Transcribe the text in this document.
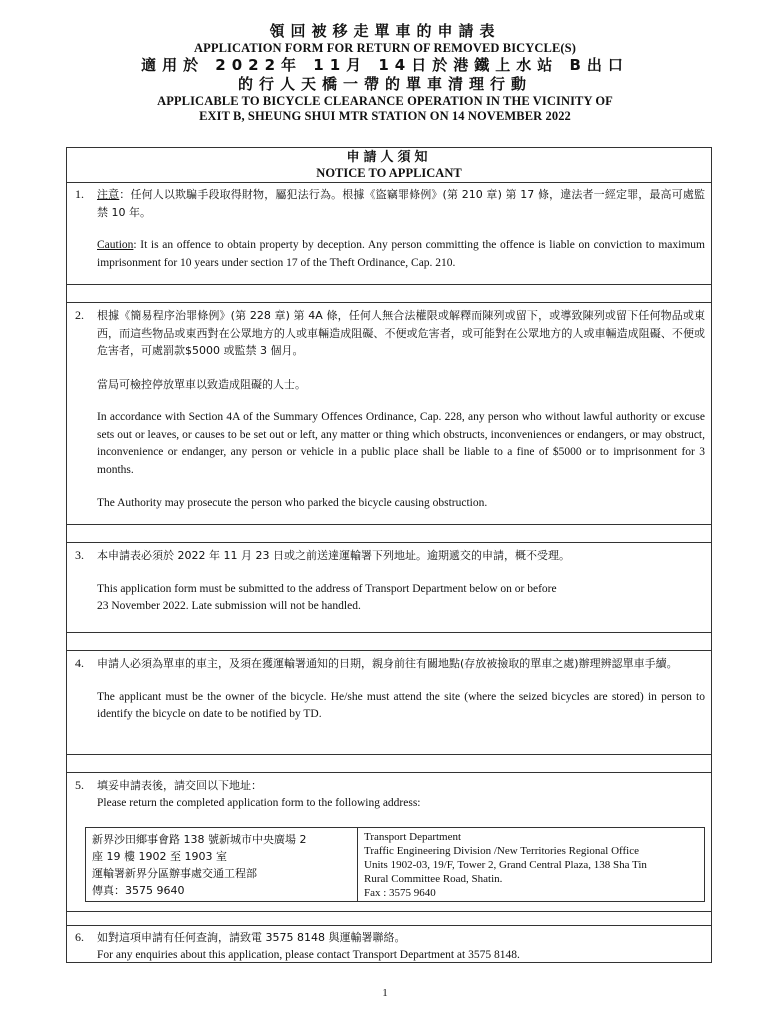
領回被移走單車的申請表
APPLICATION FORM FOR RETURN OF REMOVED BICYCLE(S)
適用於 2022年 11月 14日於港鐵上水站 B出口
的行人天橋一帶的單車清理行動
APPLICABLE TO BICYCLE CLEARANCE OPERATION IN THE VICINITY OF
EXIT B, SHEUNG SHUI MTR STATION ON 14 NOVEMBER 2022
申請人須知
NOTICE TO APPLICANT
1. 注意：任何人以欺騙手段取得財物，屬犯法行為。根據《盜竊罪條例》(第 210 章) 第 17 條，違法者一經定罪，最高可處監禁 10 年。

Caution: It is an offence to obtain property by deception. Any person committing the offence is liable on conviction to maximum imprisonment for 10 years under section 17 of the Theft Ordinance, Cap. 210.

2. 根據《簡易程序治罪條例》(第 228 章) 第 4A 條，任何人無合法權限或解釋而陳列或留下，或導致陳列或留下任何物品或東西，而這些物品或東西對在公眾地方的人或車輛造成阻礙、不便或危害者，或可能對在公眾地方的人或車輛造成阻礙、不便或危害者，可處罰款$5000 或監禁 3 個月。

當局可檢控停放單車以致造成阻礙的人士。

In accordance with Section 4A of the Summary Offences Ordinance, Cap. 228, any person who without lawful authority or excuse sets out or leaves, or causes to be set out or left, any matter or thing which obstructs, inconveniences or endangers, or may obstruct, inconvenience or endanger, any person or vehicle in a public place shall be liable to a fine of $5000 or to imprisonment for 3 months.

The Authority may prosecute the person who parked the bicycle causing obstruction.

3. 本申請表必須於 2022 年 11 月 23 日或之前送達運輸署下列地址。逾期遞交的申請，概不受理。

This application form must be submitted to the address of Transport Department below on or before

23 November 2022. Late submission will not be handled.

4. 申請人必須為單車的車主，及須在獲運輸署通知的日期，親身前往有關地點(存放被撿取的單車之處)辦理辨認單車手續。

The applicant must be the owner of the bicycle. He/she must attend the site (where the seized bicycles are stored) in person to identify the bicycle on date to be notified by TD.

5. 填妥申請表後，請交回以下地址：

Please return the completed application form to the following address:

新界沙田鄉事會路 138 號新城市中央廣場 2
座 19 樓 1902 至 1903 室
運輸署新界分區辦事處交通工程部
傳真：3575 9640
Transport Department
Traffic Engineering Division /New Territories Regional Office
Units 1902-03, 19/F, Tower 2, Grand Central Plaza, 138 Sha Tin
Rural Committee Road, Shatin.
Fax : 3575 9640
6. 如對這項申請有任何查詢，請致電 3575 8148 與運輸署聯絡。

For any enquiries about this application, please contact Transport Department at 3575 8148.

1
